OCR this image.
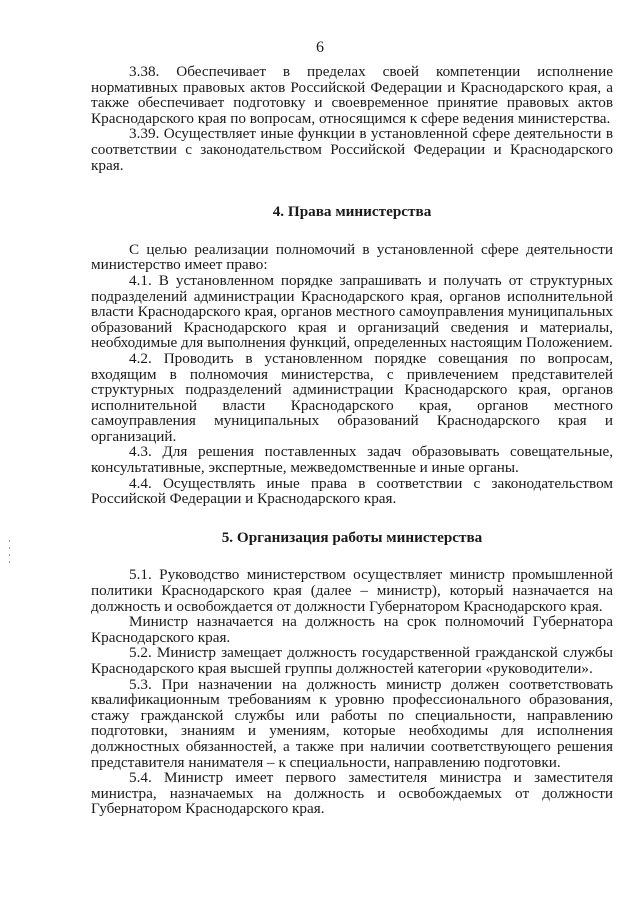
6

3.38. Обеспечивает в пределах своей компетенции исполнение нормативных правовых актов Российской Федерации и Краснодарского края, а также обеспечивает подготовку и своевременное принятие правовых актов Краснодарского края по вопросам, относящимся к сфере ведения министерства.

3.39. Осуществляет иные функции в установленной сфере деятельности в соответствии с законодательством Российской Федерации и Краснодарского края.

4. Права министерства

С целью реализации полномочий в установленной сфере деятельности министерство имеет право:

4.1. В установленном порядке запрашивать и получать от структурных подразделений администрации Краснодарского края, органов исполнительной власти Краснодарского края, органов местного самоуправления муниципальных образований Краснодарского края и организаций сведения и материалы, необходимые для выполнения функций, определенных настоящим Положением.

4.2. Проводить в установленном порядке совещания по вопросам, входящим в полномочия министерства, с привлечением представителей структурных подразделений администрации Краснодарского края, органов исполнительной власти Краснодарского края, органов местного самоуправления муниципальных образований Краснодарского края и организаций.

4.3. Для решения поставленных задач образовывать совещательные, консультативные, экспертные, межведомственные и иные органы.

4.4. Осуществлять иные права в соответствии с законодательством Российской Федерации и Краснодарского края.

5. Организация работы министерства

5.1. Руководство министерством осуществляет министр промышленной политики Краснодарского края (далее – министр), который назначается на должность и освобождается от должности Губернатором Краснодарского края.

Министр назначается на должность на срок полномочий Губернатора Краснодарского края.

5.2. Министр замещает должность государственной гражданской службы Краснодарского края высшей группы должностей категории «руководители».

5.3. При назначении на должность министр должен соответствовать квалификационным требованиям к уровню профессионального образования, стажу гражданской службы или работы по специальности, направлению подготовки, знаниям и умениям, которые необходимы для исполнения должностных обязанностей, а также при наличии соответствующего решения представителя нанимателя – к специальности, направлению подготовки.

5.4. Министр имеет первого заместителя министра и заместителя министра, назначаемых на должность и освобождаемых от должности Губернатором Краснодарского края.
